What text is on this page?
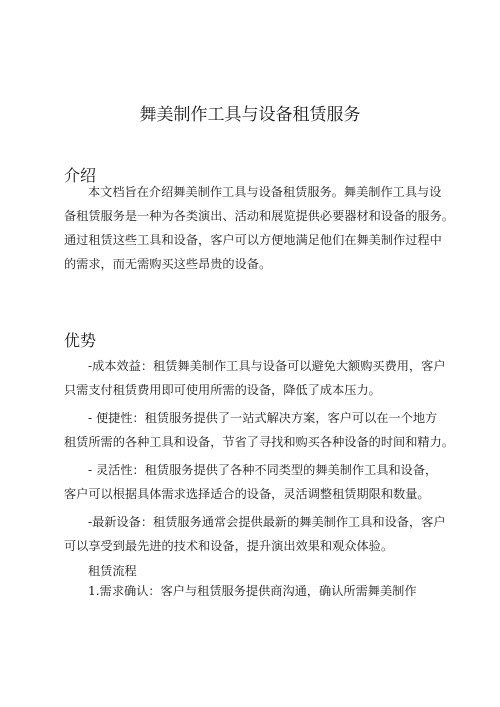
舞美制作工具与设备租赁服务
介绍
本文档旨在介绍舞美制作工具与设备租赁服务。舞美制作工具与设
备租赁服务是一种为各类演出、活动和展览提供必要器材和设备的服务。
通过租赁这些工具和设备，客户可以方便地满足他们在舞美制作过程中
的需求，而无需购买这些昂贵的设备。
优势
-成本效益：租赁舞美制作工具与设备可以避免大额购买费用，客户
只需支付租赁费用即可使用所需的设备，降低了成本压力。
- 便捷性：租赁服务提供了一站式解决方案，客户可以在一个地方
租赁所需的各种工具和设备，节省了寻找和购买各种设备的时间和精力。
- 灵活性：租赁服务提供了各种不同类型的舞美制作工具和设备，
客户可以根据具体需求选择适合的设备，灵活调整租赁期限和数量。
-最新设备：租赁服务通常会提供最新的舞美制作工具和设备，客户
可以享受到最先进的技术和设备，提升演出效果和观众体验。
租赁流程
1.需求确认：客户与租赁服务提供商沟通，确认所需舞美制作
